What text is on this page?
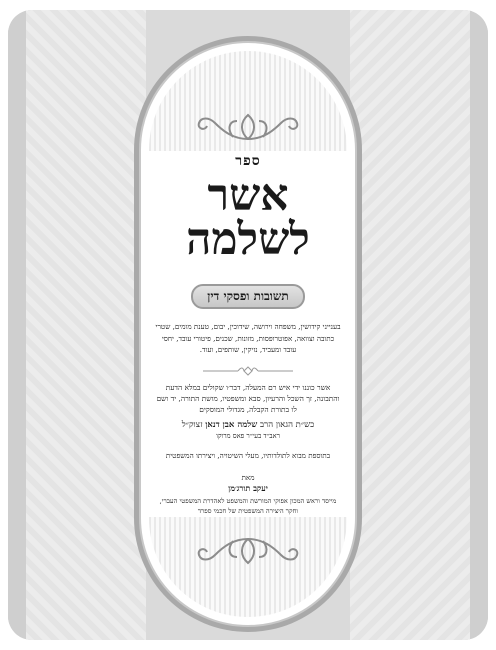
ספר

אשר

לשלמה

תשובות ופסקי דין

בענייני קידושין, משפחה וירושה, שידוכין, יבום, טענת מומים, שטרי כתובה וצוואה, אפוטרופסות, מזונות, שכנים, פיטורי עובד, יחסי עובד ומעביד, נזיקין, שותפים, ועוד.

אשר כוננו ידי איש רם המעלה, דבר׳ו שקולים במלא הדעת והתבונה, זך השכל והרעיון, סבא ומשפטיו, מושת התורה, יד ושם לו בתורת הקבלה, מגדולי המוסקים

כש״ת הגאון הרב שלמה אבן דנאן זצוק״ל

ראב״ד בעי״ר פאס מרוקו

בתוספת מבוא לתולדותיו, מעלי השיטויה, ויצירתו המשפטית

מאת

יעקב תורג׳מן

מייסד וראש המכון אפוקי המורשת והמשפט לאהדרת המשפטי העברי, וחקר היצירה המשפטית של חכמי ספרד
